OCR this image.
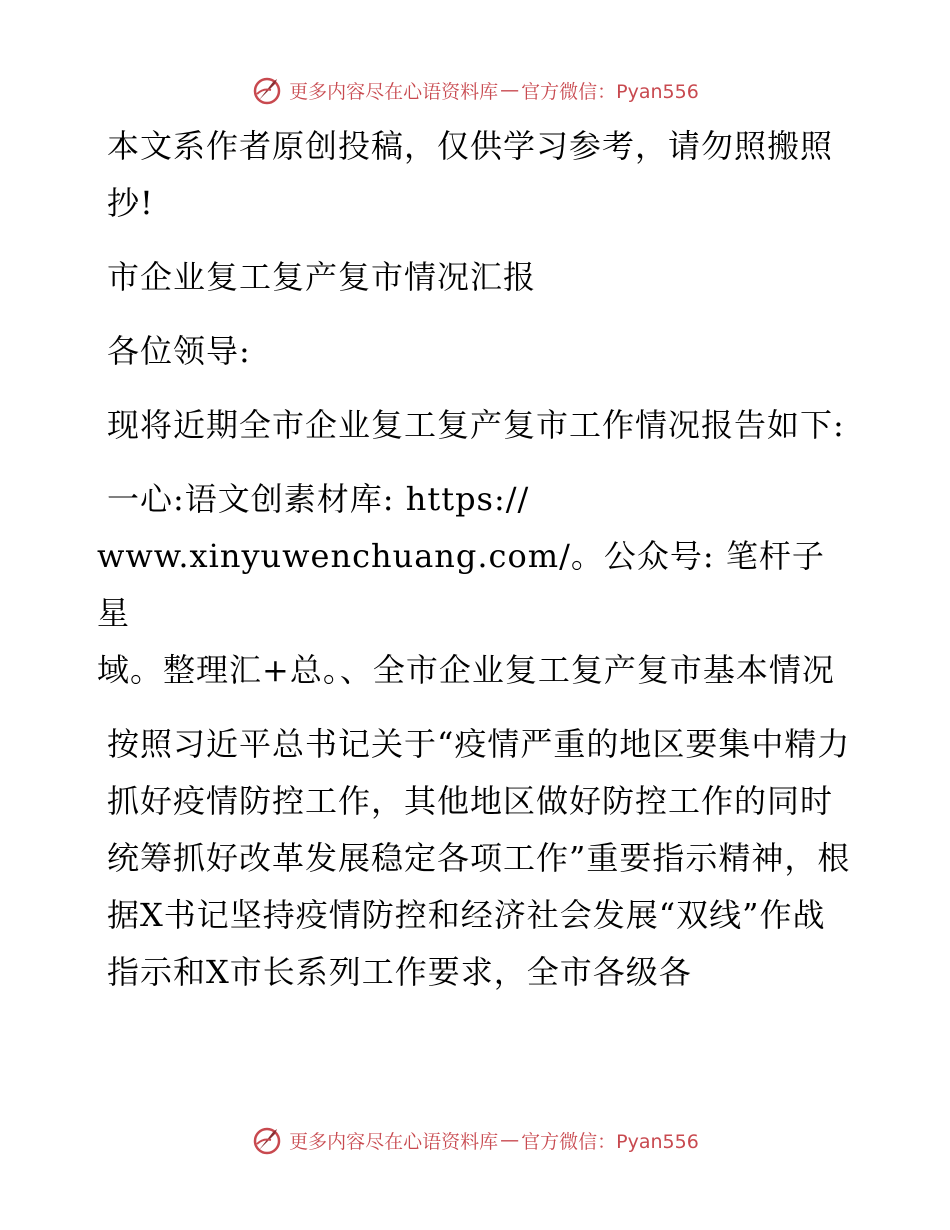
更多内容尽在心语资料库 — 官方微信：Pyan556

本文系作者原创投稿，仅供学习参考，请勿照搬照抄!

市企业复工复产复市情况汇报

各位领导:

现将近期全市企业复工复产复市工作情况报告如下:

一心:语文创素材库: https://
www.xinyuwenchuang.com/。公众号: 笔杆子星
域。整理汇+总。、全市企业复工复产复市基本情况

按照习近平总书记关于“疫情严重的地区要集中精力抓好疫情防控工作，其他地区做好防控工作的同时统筹抓好改革发展稳定各项工作”重要指示精神，根据X书记坚持疫情防控和经济社会发展“双线”作战指示和X市长系列工作要求，全市各级各

更多内容尽在心语资料库 — 官方微信：Pyan556
